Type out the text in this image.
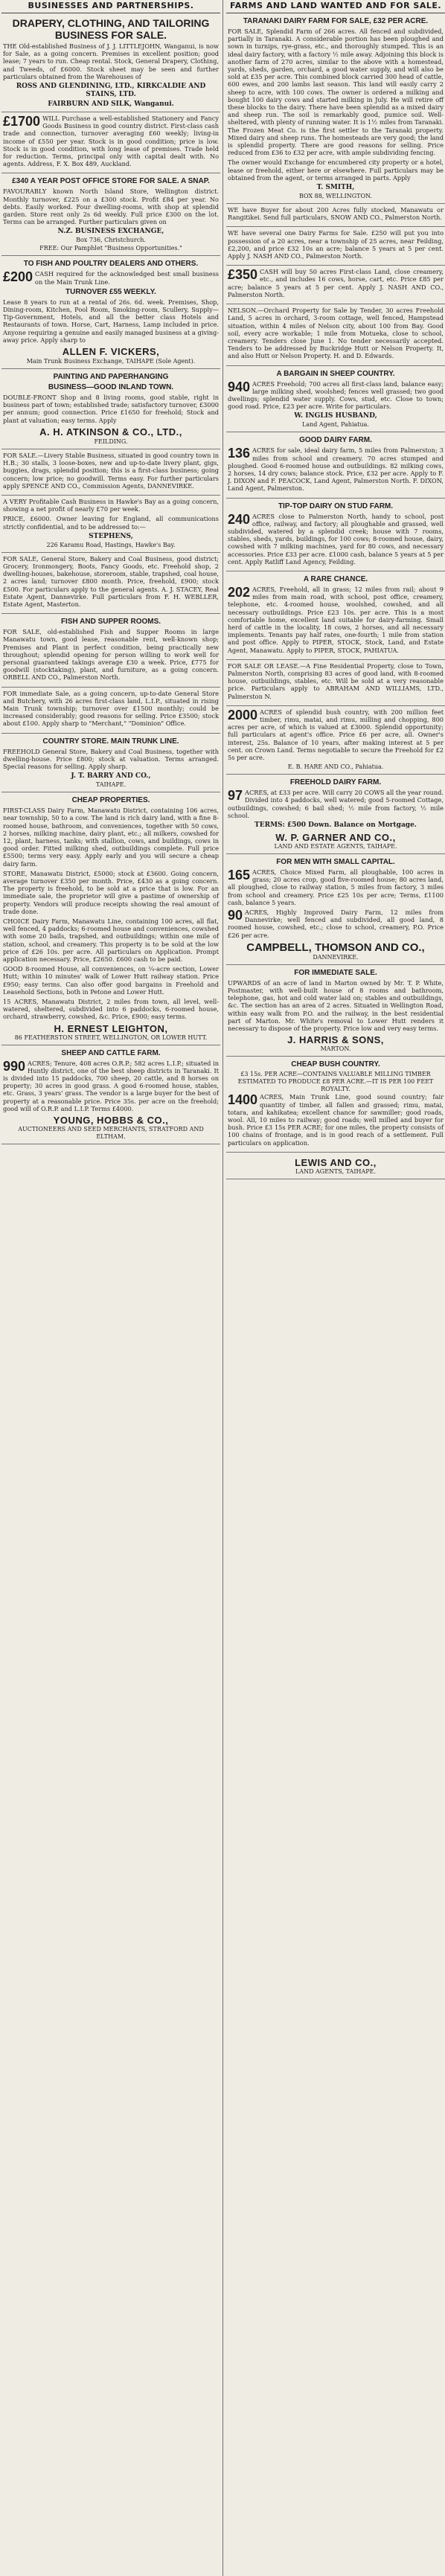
BUSINESSES AND PARTNERSHIPS.
DRAPERY, CLOTHING, AND TAILORING BUSINESS FOR SALE.

THE Old-established Business of J. J. LITTLEJOHN, Wanganui, is now for Sale, as a going concern. Premises in excellent position; good lease; 7 years to run. Cheap rental. Stock, General Drapery, Clothing, and Tweeds, of £6000. Stock sheet may be seen and further particulars obtained from the Warehouses of

ROSS AND GLENDINING, LTD., KIRKCALDIE AND STAINS, LTD.
FAIRBURN AND SILK, Wanganui.
£1700 WILL Purchase a well-established Stationery and Fancy Goods Business in good country district. First-class cash trade and connection, turnover averaging £60 weekly; living-in income of £550 per year. Stock is in good condition; price is low. Stock is in good condition, with long lease of premises. Trade held for reduction. Terms, principal only with capital dealt with. No agents. Address, F. X. Box 489, Auckland.

£340 A YEAR POST OFFICE STORE FOR SALE. A SNAP.

FAVOURABLY known North Island Store, Wellington district. Monthly turnover, £225 on a £300 stock. Profit £84 per year. No debts. Easily worked. Four dwelling-rooms, with shop at splendid garden. Store rent only 2s 6d weekly. Full price £300 on the lot. Terms can be arranged. Further particulars given on

N.Z. BUSINESS EXCHANGE,
Box 736, Christchurch.
FREE: Our Pamphlet "Business Opportunities."
TO FISH AND POULTRY DEALERS AND OTHERS.
£200 CASH required for the acknowledged best small business on the Main Trunk Line.

TURNOVER £55 WEEKLY.

Lease 8 years to run at a rental of 26s. 6d. week. Premises, Shop, Dining-room, Kitchen, Pool Room, Smoking-room, Scullery, Supply—Tip-Government, Hotels, and all the better class Hotels and Restaurants of town. Horse, Cart, Harness, Lamp included in price. Anyone requiring a genuine and easily managed business at a giving-away price. Apply sharp to

ALLEN F. VICKERS,
Main Trunk Business Exchange, TAIHAPE (Sole Agent).
PAINTING AND PAPERHANGING
BUSINESS—GOOD INLAND TOWN.

DOUBLE-FRONT Shop and 8 living rooms, good stable, right in business part of town; established trade; satisfactory turnover, £3000 per annum; good connection. Price £1650 for freehold; Stock and plant at valuation; easy terms. Apply

A. H. ATKINSON & CO., LTD.,
FEILDING.

FOR SALE.—Livery Stable Business, situated in good country town in H.B.; 30 stalls, 3 loose-boxes, new and up-to-date livery plant, gigs, buggies, drags, splendid position; this is a first-class business; going concern; low price; no goodwill. Terms easy. For further particulars apply SPENCE AND CO., Commission Agents, DANNEVIRKE.

A VERY Profitable Cash Business in Hawke's Bay as a going concern, showing a net profit of nearly £70 per week.

PRICE, £6000. Owner leaving for England, all communications strictly confidential, and to be addressed to:—

STEPHENS,
226 Karamu Road, Hastings, Hawke's Bay.

FOR SALE, General Store, Bakery and Coal Business, good district; Grocery, Ironmongery, Boots, Fancy Goods, etc. Freehold shop, 2 dwelling-houses, bakehouse, storeroom, stable, trapshed, coal house, 2 acres land; turnover £800 month. Price, freehold, £900; stock £500. For particulars apply to the general agents. A. J. STACEY, Real Estate Agent, Dannevirke. Full particulars from F. H. WEBLLER, Estate Agent, Masterton.

FISH AND SUPPER ROOMS.

FOR SALE, old-established Fish and Supper Rooms in large Manawatu town, good lease, reasonable rent, well-known shop; Premises and Plant in perfect condition, being practically new throughout; splendid opening for person willing to work well for personal guaranteed takings average £30 a week. Price, £775 for goodwill (stocktaking), plant, and furniture, as a going concern. ORBELL AND CO., Palmerston North.

FOR immediate Sale, as a going concern, up-to-date General Store and Butchery, with 26 acres first-class land, L.I.P., situated in rising Main Trunk township; turnover over £1500 monthly; could be increased considerably; good reasons for selling. Price £3500; stock about £100. Apply sharp to "Merchant," "Dominion" Office.

COUNTRY STORE. MAIN TRUNK LINE.

FREEHOLD General Store, Bakery and Coal Business, together with dwelling-house. Price £800; stock at valuation. Terms arranged. Special reasons for selling. Apply sharp.

J. T. BARRY AND CO.,
TAIHAPE.
CHEAP PROPERTIES.

FIRST-CLASS Dairy Farm, Manawatu District, containing 106 acres, near township, 50 to a cow. The land is rich dairy land, with a fine 8-roomed house, bathroom, and conveniences, together with 50 cows, 2 horses, milking machine, dairy plant, etc.; all milkers, cowshed for 12, plant, harness, tanks; with stallion, cows, and buildings, cows in good order. Fitted milking shed, outbuildings complete. Full price £5500; terms very easy. Apply early and you will secure a cheap dairy farm.

STORE, Manawatu District, £5000; stock at £3600. Going concern, average turnover £350 per month. Price, £430 as a going concern. The property is freehold, to be sold at a price that is low. For an immediate sale, the proprietor will give a pastime of ownership of property. Vendors will produce receipts showing the real amount of trade done.

CHOICE Dairy Farm, Manawatu Line, containing 100 acres, all flat, well fenced, 4 paddocks; 6-roomed house and conveniences, cowshed with some 20 bails, trapshed, and outbuildings; within one mile of station, school, and creamery. This property is to be sold at the low price of £26 10s. per acre. All particulars on Application. Prompt application necessary. Price, £2650. £600 cash to be paid.

GOOD 8-roomed House, all conveniences, on ¼-acre section, Lower Hutt; within 10 minutes' walk of Lower Hutt railway station. Price £950; easy terms. Can also offer good bargains in Freehold and Leasehold Sections, both in Petone and Lower Hutt.

15 ACRES, Manawatu District, 2 miles from town, all level, well-watered, sheltered, subdivided into 6 paddocks, 6-roomed house, orchard, strawberry, cowshed, &c. Price, £900; easy terms.

H. ERNEST LEIGHTON,
86 FEATHERSTON STREET, WELLINGTON, OR LOWER HUTT.
SHEEP AND CATTLE FARM.
990 ACRES; Tenure, 408 acres O.R.P.; 582 acres L.I.P.; situated in Huntly district, one of the best sheep districts in Taranaki. It is divided into 15 paddocks, 700 sheep, 20 cattle, and 8 horses on property; 30 acres in good grass. A good 6-roomed house, stables, etc. Grass, 3 years' grass. The vendor is a large buyer for the best of property at a reasonable price. Price 35s. per acre on the freehold; good will of O.R.P. and L.I.P. Terms £4000.

YOUNG, HOBBS & CO.,
AUCTIONEERS AND SEED MERCHANTS, STRATFORD AND ELTHAM.
FARMS AND LAND WANTED AND FOR SALE.
TARANAKI DAIRY FARM FOR SALE, £32 PER ACRE.

FOR SALE, Splendid Farm of 266 acres. All fenced and subdivided, partially in Taranaki. A considerable portion has been ploughed and sown in turnips, rye-grass, etc., and thoroughly stumped. This is an ideal dairy factory, with a factory ½ mile away. Adjoining this block is another farm of 270 acres, similar to the above with a homestead, yards, sheds, garden, orchard, a good water supply, and will also be sold at £35 per acre. This combined block carried 300 head of cattle, 600 ewes, and 200 lambs last season. This land will easily carry 2 sheep to acre, with 100 cows. The owner is ordered a milking and bought 100 dairy cows and started milking in July. He will retire off these blocks to the dairy. There have been splendid as a mixed dairy and sheep run. The soil is remarkably good, pumice soil. Well-sheltered, with plenty of running water. It is 1½ miles from Taranaki. The Frozen Meat Co. is the first settler to the Taranaki property. Mixed dairy and sheep runs. The homesteads are very good; the land is splendid property. There are good reasons for selling. Price reduced from £36 to £32 per acre, with ample subdividing fencing.

The owner would Exchange for encumbered city property or a hotel, lease or freehold, either here or elsewhere. Full particulars may be obtained from the agent, or terms arranged in parts. Apply

T. SMITH,
BOX 88, WELLINGTON.

WE have Buyer for about 200 Acres fully stocked, Manawatu or Rangitikei. Send full particulars, SNOW AND CO., Palmerston North.

WE have several one Dairy Farms for Sale. £250 will put you into possession of a 20 acres, near a township of 25 acres, near Feilding, £2,200, and price £32 10s an acre; balance 5 years at 5 per cent. Apply J. NASH AND CO., Palmerston North.

£350 CASH will buy 50 acres First-class Land, close creamery, etc., and includes 16 cows, horse, cart, etc. Price £85 per acre; balance 5 years at 5 per cent. Apply J. NASH AND CO., Palmerston North.

NELSON.—Orchard Property for Sale by Tender, 30 acres Freehold Land, 5 acres in orchard, 3-room cottage, well fenced, Hampstead situation, within 4 miles of Nelson city, about 100 from Bay. Good soil, every acre workable; 1 mile from Motueka, close to school, creamery. Tenders close June 1. No tender necessarily accepted. Tenders to be addressed by Buckridge Hutt or Nelson Property. It, and also Hutt or Nelson Property. H. and D. Edwards.

A BARGAIN IN SHEEP COUNTRY.
940 ACRES Freehold; 700 acres all first-class land, balance easy; large milking shed, woolshed; fences well grassed; two good dwellings; splendid water supply. Cows, stud, etc. Close to town; good road. Price, £23 per acre. Write for particulars.

W. INGLIS HUSBAND,
Land Agent, Pahiatua.
GOOD DAIRY FARM.
136 ACRES for sale, ideal dairy farm, 5 miles from Palmerston; 3 miles from school and creamery. 70 acres stumped and ploughed. Good 6-roomed house and outbuildings. 82 milking cows, 2 horses, 14 dry cows; balance stock. Price, £32 per acre. Apply to F. J. DIXON and F. PEACOCK, Land Agent, Palmerston North. F. DIXON, Land Agent, Palmerston.

TIP-TOP DAIRY ON STUD FARM.
240 ACRES close to Palmerston North, handy to school, post office, railway, and factory; all ploughable and grassed, well subdivided, watered by a splendid creek; house with 7 rooms, stables, sheds, yards, buildings, for 100 cows; 8-roomed house, dairy, cowshed with 7 milking machines, yard for 80 cows, and necessary accessories. Price £33 per acre. £1000 cash, balance 5 years at 5 per cent. Apply Ratliff Land Agency, Feilding.

A RARE CHANCE.
202 ACRES, Freehold, all in grass; 12 miles from rail; about 9 miles from main road, with school, post office, creamery, telephone, etc. 4-roomed house, woolshed, cowshed, and all necessary outbuildings. Price £23 10s. per acre. This is a most comfortable home, excellent land suitable for dairy-farming. Small herd of cattle in the locality, 18 cows, 2 horses, and all necessary implements. Tenants pay half rates, one-fourth; 1 mile from station and post office. Apply to PIPER, STOCK, Stock, Land, and Estate Agent, Manawatu. Apply to PIPER, STOCK, PAHIATUA.

FOR SALE OR LEASE.—A Fine Residential Property, close to Town, Palmerston North, comprising 83 acres of good land, with 8-roomed house, outbuildings, stables, etc. Will be sold at a very reasonable price. Particulars apply to ABRAHAM AND WILLIAMS, LTD., Palmerston N.

2000 ACRES of splendid bush country, with 200 million feet timber, rimu, matai, and rimu, milling and chopping, 800 acres per acre, of which is valued at £3000. Splendid opportunity; full particulars at agent's office. Price £6 per acre, all. Owner's interest, 25s. Balance of 10 years, after making interest at 5 per cent. on Crown Land. Terms negotiable to secure the Freehold for £2 5s per acre.

E. B. HARE AND CO., Pahiatua.
FREEHOLD DAIRY FARM.
97 ACRES, at £33 per acre. Will carry 20 COWS all the year round. Divided into 4 paddocks, well watered; good 5-roomed Cottage, outbuildings, cowshed; 6 bail shed; ½ mile from factory, ½ mile school.

TERMS: £500 Down. Balance on Mortgage.
W. P. GARNER AND CO.,
LAND AND ESTATE AGENTS, TAIHAPE.
FOR MEN WITH SMALL CAPITAL.
165 ACRES, Choice Mixed Farm, all ploughable, 100 acres in grass; 20 acres crop, good five-roomed house; 80 acres land, all ploughed, close to railway station, 5 miles from factory, 3 miles from school and creamery. Price £25 10s per acre; Terms, £1100 cash, balance 5 years.

90 ACRES, Highly Improved Dairy Farm, 12 miles from Dannevirke; well fenced and subdivided, all good land, 8 roomed house, cowshed, etc.; close to school, creamery, P.O. Price £26 per acre.

CAMPBELL, THOMSON AND CO.,
DANNEVIRKE.
FOR IMMEDIATE SALE.

UPWARDS of an acre of land in Marton owned by Mr. T. P. White, Postmaster, with well-built house of 8 rooms and bathroom, telephone, gas, hot and cold water laid on; stables and outbuildings, &c. The section has an area of 2 acres. Situated in Wellington Road, within easy walk from P.O. and the railway, in the best residential part of Marton. Mr. White's removal to Lower Hutt renders it necessary to dispose of the property. Price low and very easy terms.

J. HARRIS & SONS,
MARTON.
CHEAP BUSH COUNTRY.
£3 15s. PER ACRE—CONTAINS VALUABLE MILLING TIMBER ESTIMATED TO PRODUCE £8 PER ACRE.—IT IS PER 100 FEET ROYALTY.
1400 ACRES, Main Trunk Line, good sound country; fair quantity of timber, all fallen and grassed; rimu, matai, totara, and kahikatea; excellent chance for sawmiller; good roads, wool. All, 10 miles to railway; good roads; well milled and buyer for bush. Price £3 15s PER ACRE; for one miles, the property consists of 100 chains of frontage, and is in good reach of a settlement. Full particulars on application.

LEWIS AND CO.,
LAND AGENTS, TAIHAPE.
